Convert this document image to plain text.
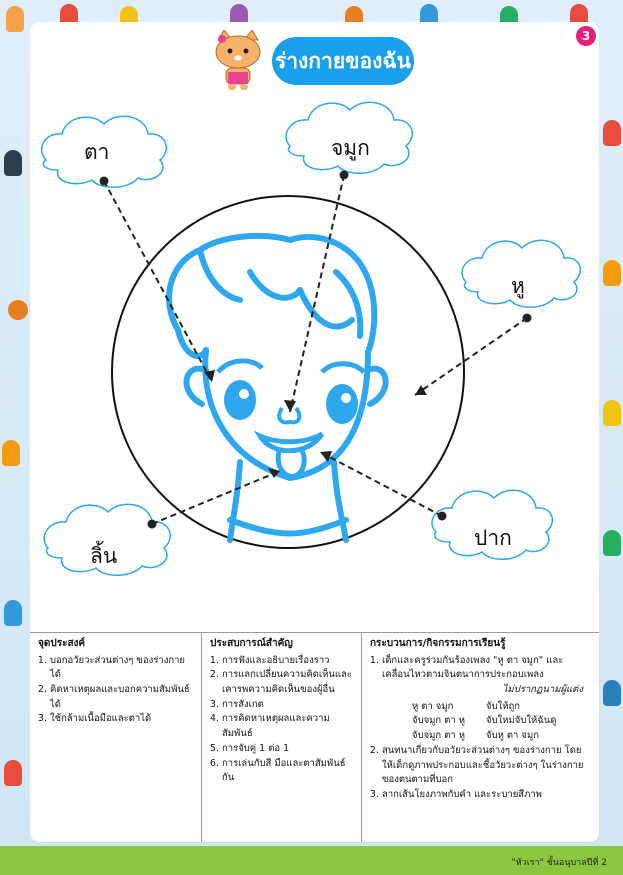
3
ร่างกายของฉัน
ตา	จมูก
หู
ลิ้น
ปาก
จุดประสงค์
1. บอกอวัยวะส่วนต่างๆ ของร่างกายได้
2. คิดหาเหตุผลและบอกความสัมพันธ์ได้
3. ใช้กล้ามเนื้อมือและตาได้
ประสบการณ์สำคัญ
1. การฟังและอธิบายเรื่องราว
2. การแลกเปลี่ยนความคิดเห็นและเคารพความคิดเห็นของผู้อื่น
3. การสังเกต
4. การคิดหาเหตุผลและความสัมพันธ์
5. การจับคู่ 1 ต่อ 1
6. การเล่นกับสี มือและตาสัมพันธ์กัน
กระบวนการ/กิจกรรมการเรียนรู้
1. เด็กและครูร่วมกันร้องเพลง "หู ตา จมูก" และเคลื่อนไหวตามจินตนาการประกอบเพลง
ไม่ปรากฏนามผู้แต่ง
หู ตา จมูก	จับให้ถูก
จับจมูก ตา หู	จับใหม่จับให้ฉันดู
จับจมูก ตา หู	จับหู ตา จมูก
2. สนทนาเกี่ยวกับอวัยวะส่วนต่างๆ ของร่างกาย โดยให้เด็กดูภาพประกอบและชี้อวัยวะต่างๆ ในร่างกายของตนตามที่บอก
3. ลากเส้นโยงภาพกับคำ และระบายสีภาพ
"หัวเรา" ชั้นอนุบาลปีที่ 2
